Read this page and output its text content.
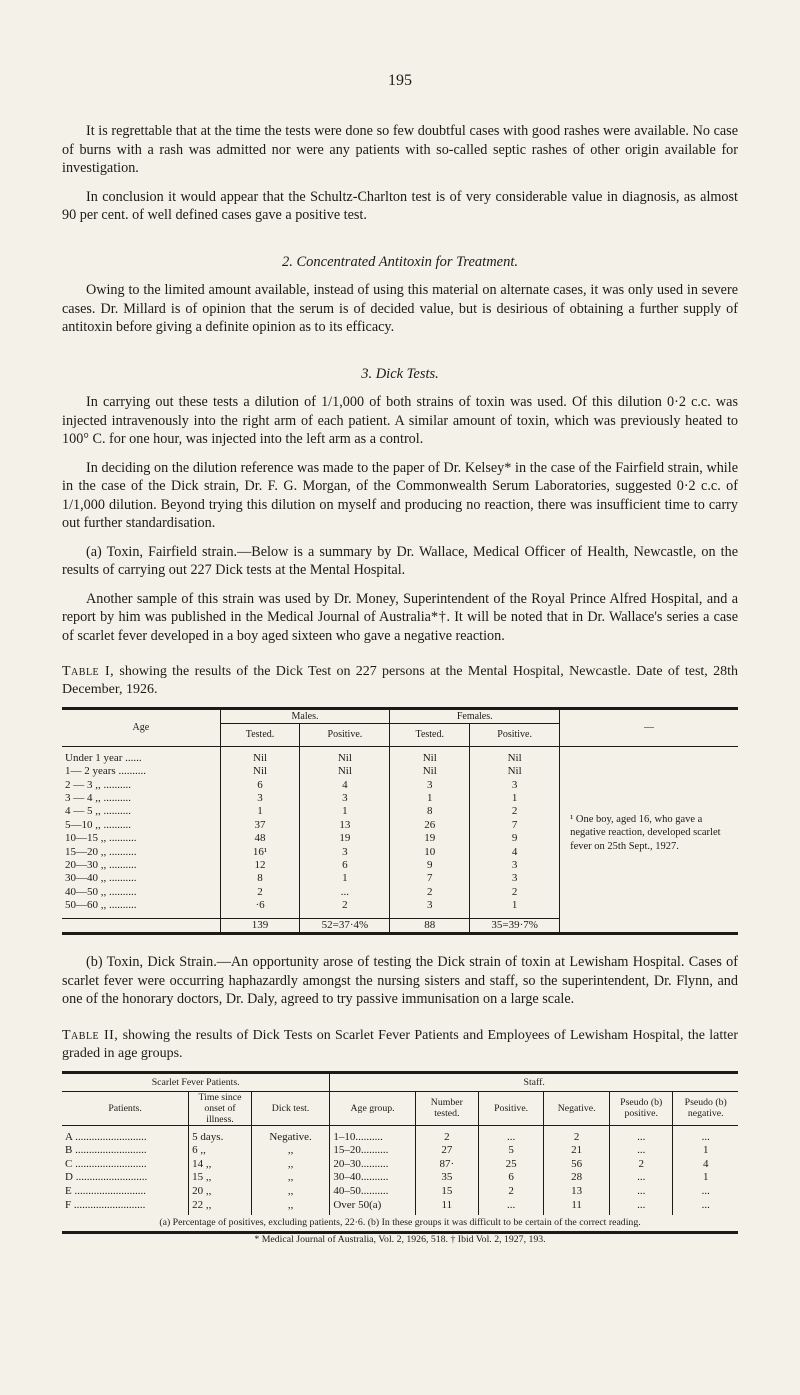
195

It is regrettable that at the time the tests were done so few doubtful cases with good rashes were available. No case of burns with a rash was admitted nor were any patients with so-called septic rashes of other origin available for investigation.

In conclusion it would appear that the Schultz-Charlton test is of very considerable value in diagnosis, as almost 90 per cent. of well defined cases gave a positive test.

2. Concentrated Antitoxin for Treatment.

Owing to the limited amount available, instead of using this material on alternate cases, it was only used in severe cases. Dr. Millard is of opinion that the serum is of decided value, but is desirious of obtaining a further supply of antitoxin before giving a definite opinion as to its efficacy.

3. Dick Tests.

In carrying out these tests a dilution of 1/1,000 of both strains of toxin was used. Of this dilution 0·2 c.c. was injected intravenously into the right arm of each patient. A similar amount of toxin, which was previously heated to 100° C. for one hour, was injected into the left arm as a control.

In deciding on the dilution reference was made to the paper of Dr. Kelsey* in the case of the Fairfield strain, while in the case of the Dick strain, Dr. F. G. Morgan, of the Commonwealth Serum Laboratories, suggested 0·2 c.c. of 1/1,000 dilution. Beyond trying this dilution on myself and producing no reaction, there was insufficient time to carry out further standardisation.

(a) Toxin, Fairfield strain.—Below is a summary by Dr. Wallace, Medical Officer of Health, Newcastle, on the results of carrying out 227 Dick tests at the Mental Hospital.

Another sample of this strain was used by Dr. Money, Superintendent of the Royal Prince Alfred Hospital, and a report by him was published in the Medical Journal of Australia*†. It will be noted that in Dr. Wallace's series a case of scarlet fever developed in a boy aged sixteen who gave a negative reaction.

Table I, showing the results of the Dick Test on 227 persons at the Mental Hospital, Newcastle. Date of test, 28th December, 1926.

Age	Males.		Females.		—
	Tested.	Positive.	Tested.	Positive.	
Under 1 year ......	Nil	Nil	Nil	Nil	¹ One boy, aged 16, who gave a negative reaction, developed scarlet fever on 25th Sept., 1927.

1— 2 years ..........	Nil	Nil	Nil	Nil	
2 — 3 ,, ..........	6	4	3	3	
3 — 4 ,, ..........	3	3	1	1	
4 — 5 ,, ..........	1	1	8	2	
5—10 ,, ..........	37	13	26	7	
10—15 ,, ..........	48	19	19	9	
15—20 ,, ..........	16¹	3	10	4	
20—30 ,, ..........	12	6	9	3	
30—40 ,, ..........	8	1	7	3	
40—50 ,, ..........	2	...	2	2	
50—60 ,, ..........	·6	2	3	1	
	139	52=37·4%	88	35=39·7%	

(b) Toxin, Dick Strain.—An opportunity arose of testing the Dick strain of toxin at Lewisham Hospital. Cases of scarlet fever were occurring haphazardly amongst the nursing sisters and staff, so the superintendent, Dr. Flynn, and one of the honorary doctors, Dr. Daly, agreed to try passive immunisation on a large scale.

Table II, showing the results of Dick Tests on Scarlet Fever Patients and Employees of Lewisham Hospital, the latter graded in age groups.

Scarlet Fever Patients.			Staff.					
Patients.	Time since onset of illness.	Dick test.	Age group.	Number tested.	Positive.	Negative.	Pseudo (b) positive.	Pseudo (b) negative.
A ..........................	5 days.	Negative.	1–10..........	2	...	2	...	...
B ..........................	6 ,,	,,	15–20..........	27	5	21	...	1
C ..........................	14 ,,	,,	20–30..........	87·	25	56	2	4
D ..........................	15 ,,	,,	30–40..........	35	6	28	...	1
E ..........................	20 ,,	,,	40–50..........	15	2	13	...	...
F ..........................	22 ,,	,,	Over 50(a)	11	...	11	...	...
(a) Percentage of positives, excluding patients, 22·6. (b) In these groups it was difficult to be certain of the correct reading.
* Medical Journal of Australia, Vol. 2, 1926, 518. † Ibid Vol. 2, 1927, 193.
